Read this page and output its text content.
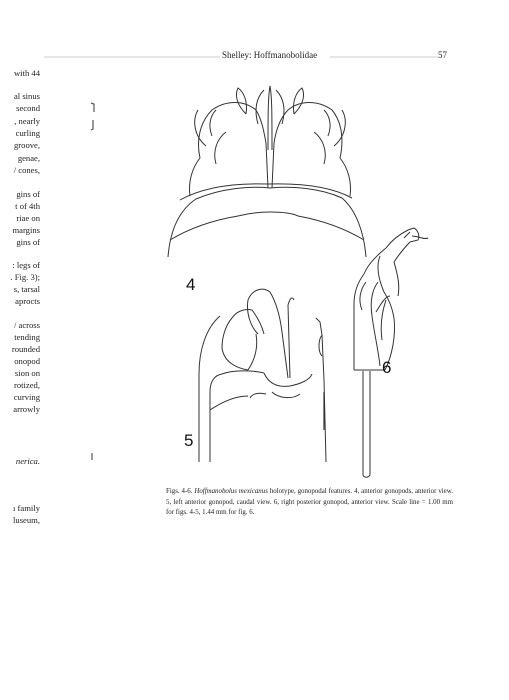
Shelley: Hoffmanobolidae	57
with 44
al sinus
second
, nearly
curling
groove,
genae,
/ cones,
gins of
t of 4th
riae on
margins
gins of
: legs of
. Fig. 3);
s, tarsal
aprocts
/ across
tending
rounded
onopod
sion on
rotized,
curving
arrowly
nerica.
ı family
luseum,
4
5
6
Figs. 4-6. Hoffmanobolus mexicanus holotype, gonopodal features. 4, anterior gonopods, anterior view. 5, left anterior gonopod, caudal view. 6, right posterior gonopod, anterior view. Scale line = 1.00 mm for figs. 4-5, 1.44 mm for fig. 6.
